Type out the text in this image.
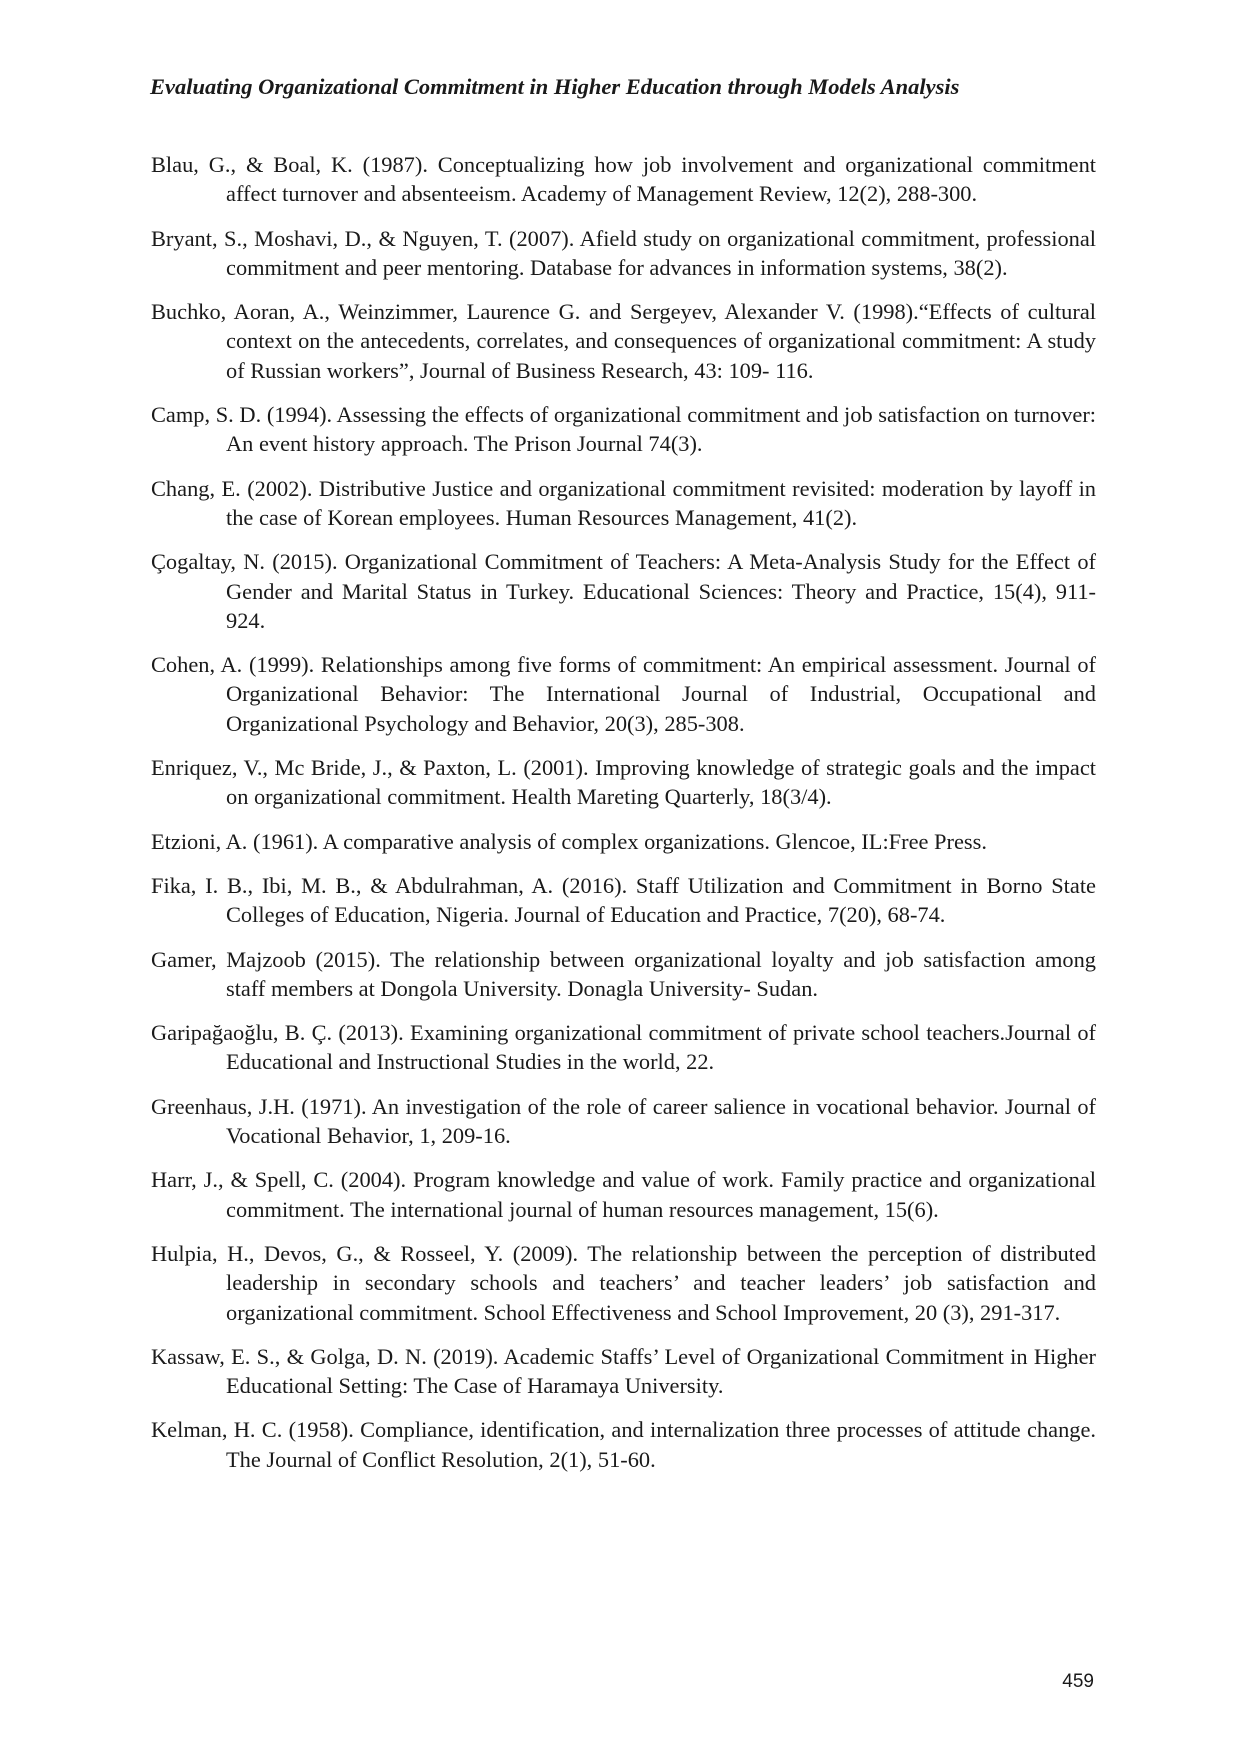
Evaluating Organizational Commitment in Higher Education through Models Analysis
Blau, G., & Boal, K. (1987). Conceptualizing how job involvement and organizational commitment affect turnover and absenteeism. Academy of Management Review, 12(2), 288-300.
Bryant, S., Moshavi, D., & Nguyen, T. (2007). Afield study on organizational commitment, professional commitment and peer mentoring. Database for advances in information systems, 38(2).
Buchko, Aoran, A., Weinzimmer, Laurence G. and Sergeyev, Alexander V. (1998).“Effects of cultural context on the antecedents, correlates, and consequences of organizational commitment: A study of Russian workers”, Journal of Business Research, 43: 109- 116.
Camp, S. D. (1994). Assessing the effects of organizational commitment and job satisfaction on turnover: An event history approach. The Prison Journal 74(3).
Chang, E. (2002). Distributive Justice and organizational commitment revisited: moderation by layoff in the case of Korean employees. Human Resources Management, 41(2).
Çogaltay, N. (2015). Organizational Commitment of Teachers: A Meta-Analysis Study for the Effect of Gender and Marital Status in Turkey. Educational Sciences: Theory and Practice, 15(4), 911-924.
Cohen, A. (1999). Relationships among five forms of commitment: An empirical assessment. Journal of Organizational Behavior: The International Journal of Industrial, Occupational and Organizational Psychology and Behavior, 20(3), 285-308.
Enriquez, V., Mc Bride, J., & Paxton, L. (2001). Improving knowledge of strategic goals and the impact on organizational commitment. Health Mareting Quarterly, 18(3/4).
Etzioni, A. (1961). A comparative analysis of complex organizations. Glencoe, IL:Free Press.
Fika, I. B., Ibi, M. B., & Abdulrahman, A. (2016). Staff Utilization and Commitment in Borno State Colleges of Education, Nigeria. Journal of Education and Practice, 7(20), 68-74.
Gamer, Majzoob (2015). The relationship between organizational loyalty and job satisfaction among staff members at Dongola University. Donagla University- Sudan.
Garipağaoğlu, B. Ç. (2013). Examining organizational commitment of private school teachers.Journal of Educational and Instructional Studies in the world, 22.
Greenhaus, J.H. (1971). An investigation of the role of career salience in vocational behavior. Journal of Vocational Behavior, 1, 209-16.
Harr, J., & Spell, C. (2004). Program knowledge and value of work. Family practice and organizational commitment. The international journal of human resources management, 15(6).
Hulpia, H., Devos, G., & Rosseel, Y. (2009). The relationship between the perception of distributed leadership in secondary schools and teachers’ and teacher leaders’ job satisfaction and organizational commitment. School Effectiveness and School Improvement, 20 (3), 291-317.
Kassaw, E. S., & Golga, D. N. (2019). Academic Staffs’ Level of Organizational Commitment in Higher Educational Setting: The Case of Haramaya University.
Kelman, H. C. (1958). Compliance, identification, and internalization three processes of attitude change. The Journal of Conflict Resolution, 2(1), 51-60.
459
